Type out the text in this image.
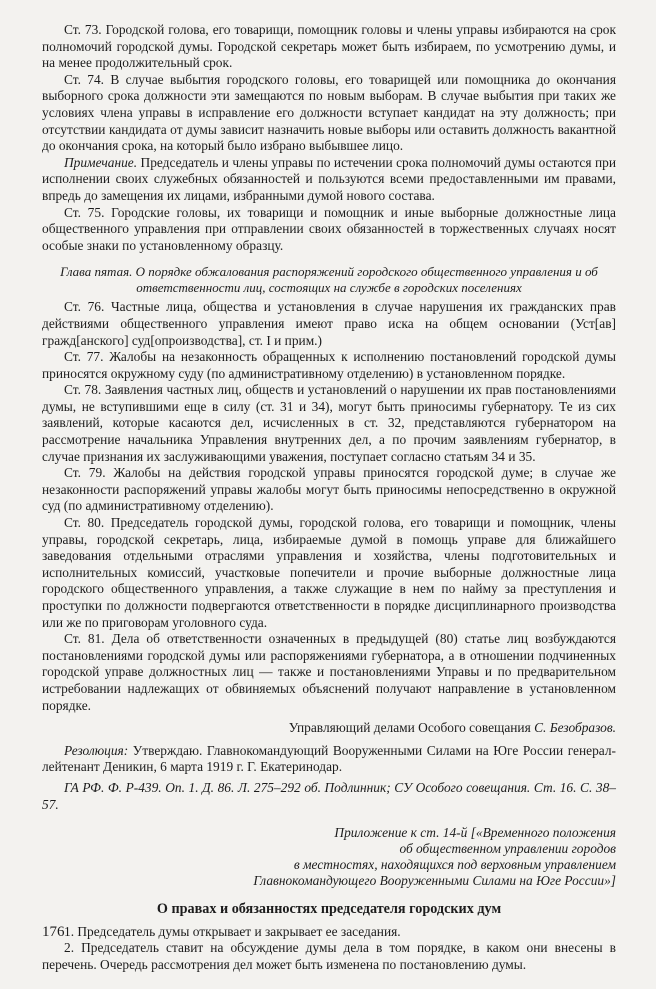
Ст. 73. Городской голова, его товарищи, помощник головы и члены управы избираются на срок полномочий городской думы. Городской секретарь может быть избираем, по усмотрению думы, и на менее продолжительный срок.

Ст. 74. В случае выбытия городского головы, его товарищей или помощника до окончания выборного срока должности эти замещаются по новым выборам. В случае выбытия при таких же условиях члена управы в исправление его должности вступает кандидат на эту должность; при отсутствии кандидата от думы зависит назначить новые выборы или оставить должность вакантной до окончания срока, на который было избрано выбывшее лицо.

Примечание. Председатель и члены управы по истечении срока полномочий думы остаются при исполнении своих служебных обязанностей и пользуются всеми предоставленными им правами, впредь до замещения их лицами, избранными думой нового состава.

Ст. 75. Городские головы, их товарищи и помощник и иные выборные должностные лица общественного управления при отправлении своих обязанностей в торжественных случаях носят особые знаки по установленному образцу.

Глава пятая. О порядке обжалования распоряжений городского общественного управления и об ответственности лиц, состоящих на службе в городских поселениях

Ст. 76. Частные лица, общества и установления в случае нарушения их гражданских прав действиями общественного управления имеют право иска на общем основании (Уст[ав] гражд[анского] суд[опроизводства], ст. I и прим.)

Ст. 77. Жалобы на незаконность обращенных к исполнению постановлений городской думы приносятся окружному суду (по административному отделению) в установленном порядке.

Ст. 78. Заявления частных лиц, обществ и установлений о нарушении их прав постановлениями думы, не вступившими еще в силу (ст. 31 и 34), могут быть приносимы губернатору. Те из сих заявлений, которые касаются дел, исчисленных в ст. 32, представляются губернатором на рассмотрение начальника Управления внутренних дел, а по прочим заявлениям губернатор, в случае признания их заслуживающими уважения, поступает согласно статьям 34 и 35.

Ст. 79. Жалобы на действия городской управы приносятся городской думе; в случае же незаконности распоряжений управы жалобы могут быть приносимы непосредственно в окружной суд (по административному отделению).

Ст. 80. Председатель городской думы, городской голова, его товарищи и помощник, члены управы, городской секретарь, лица, избираемые думой в помощь управе для ближайшего заведования отдельными отраслями управления и хозяйства, члены подготовительных и исполнительных комиссий, участковые попечители и прочие выборные должностные лица городского общественного управления, а также служащие в нем по найму за преступления и проступки по должности подвергаются ответственности в порядке дисциплинарного производства или же по приговорам уголовного суда.

Ст. 81. Дела об ответственности означенных в предыдущей (80) статье лиц возбуждаются постановлениями городской думы или распоряжениями губернатора, а в отношении подчиненных городской управе должностных лиц — также и постановлениями Управы и по предварительном истребовании надлежащих от обвиняемых объяснений получают направление в установленном порядке.

Управляющий делами Особого совещания С. Безобразов.

Резолюция: Утверждаю. Главнокомандующий Вооруженными Силами на Юге России генерал-лейтенант Деникин, 6 марта 1919 г. Г. Екатеринодар.

ГА РФ. Ф. Р-439. Оп. 1. Д. 86. Л. 275–292 об. Подлинник; СУ Особого совещания. Ст. 16. С. 38–57.

Приложение к ст. 14-й [«Временного положения
об общественном управлении городов
в местностях, находящихся под верховным управлением
Главнокомандующего Вооруженными Силами на Юге России»]
О правах и обязанностях председателя городских дум

1. Председатель думы открывает и закрывает ее заседания.

2. Председатель ставит на обсуждение думы дела в том порядке, в каком они внесены в перечень. Очередь рассмотрения дел может быть изменена по постановлению думы.

176
